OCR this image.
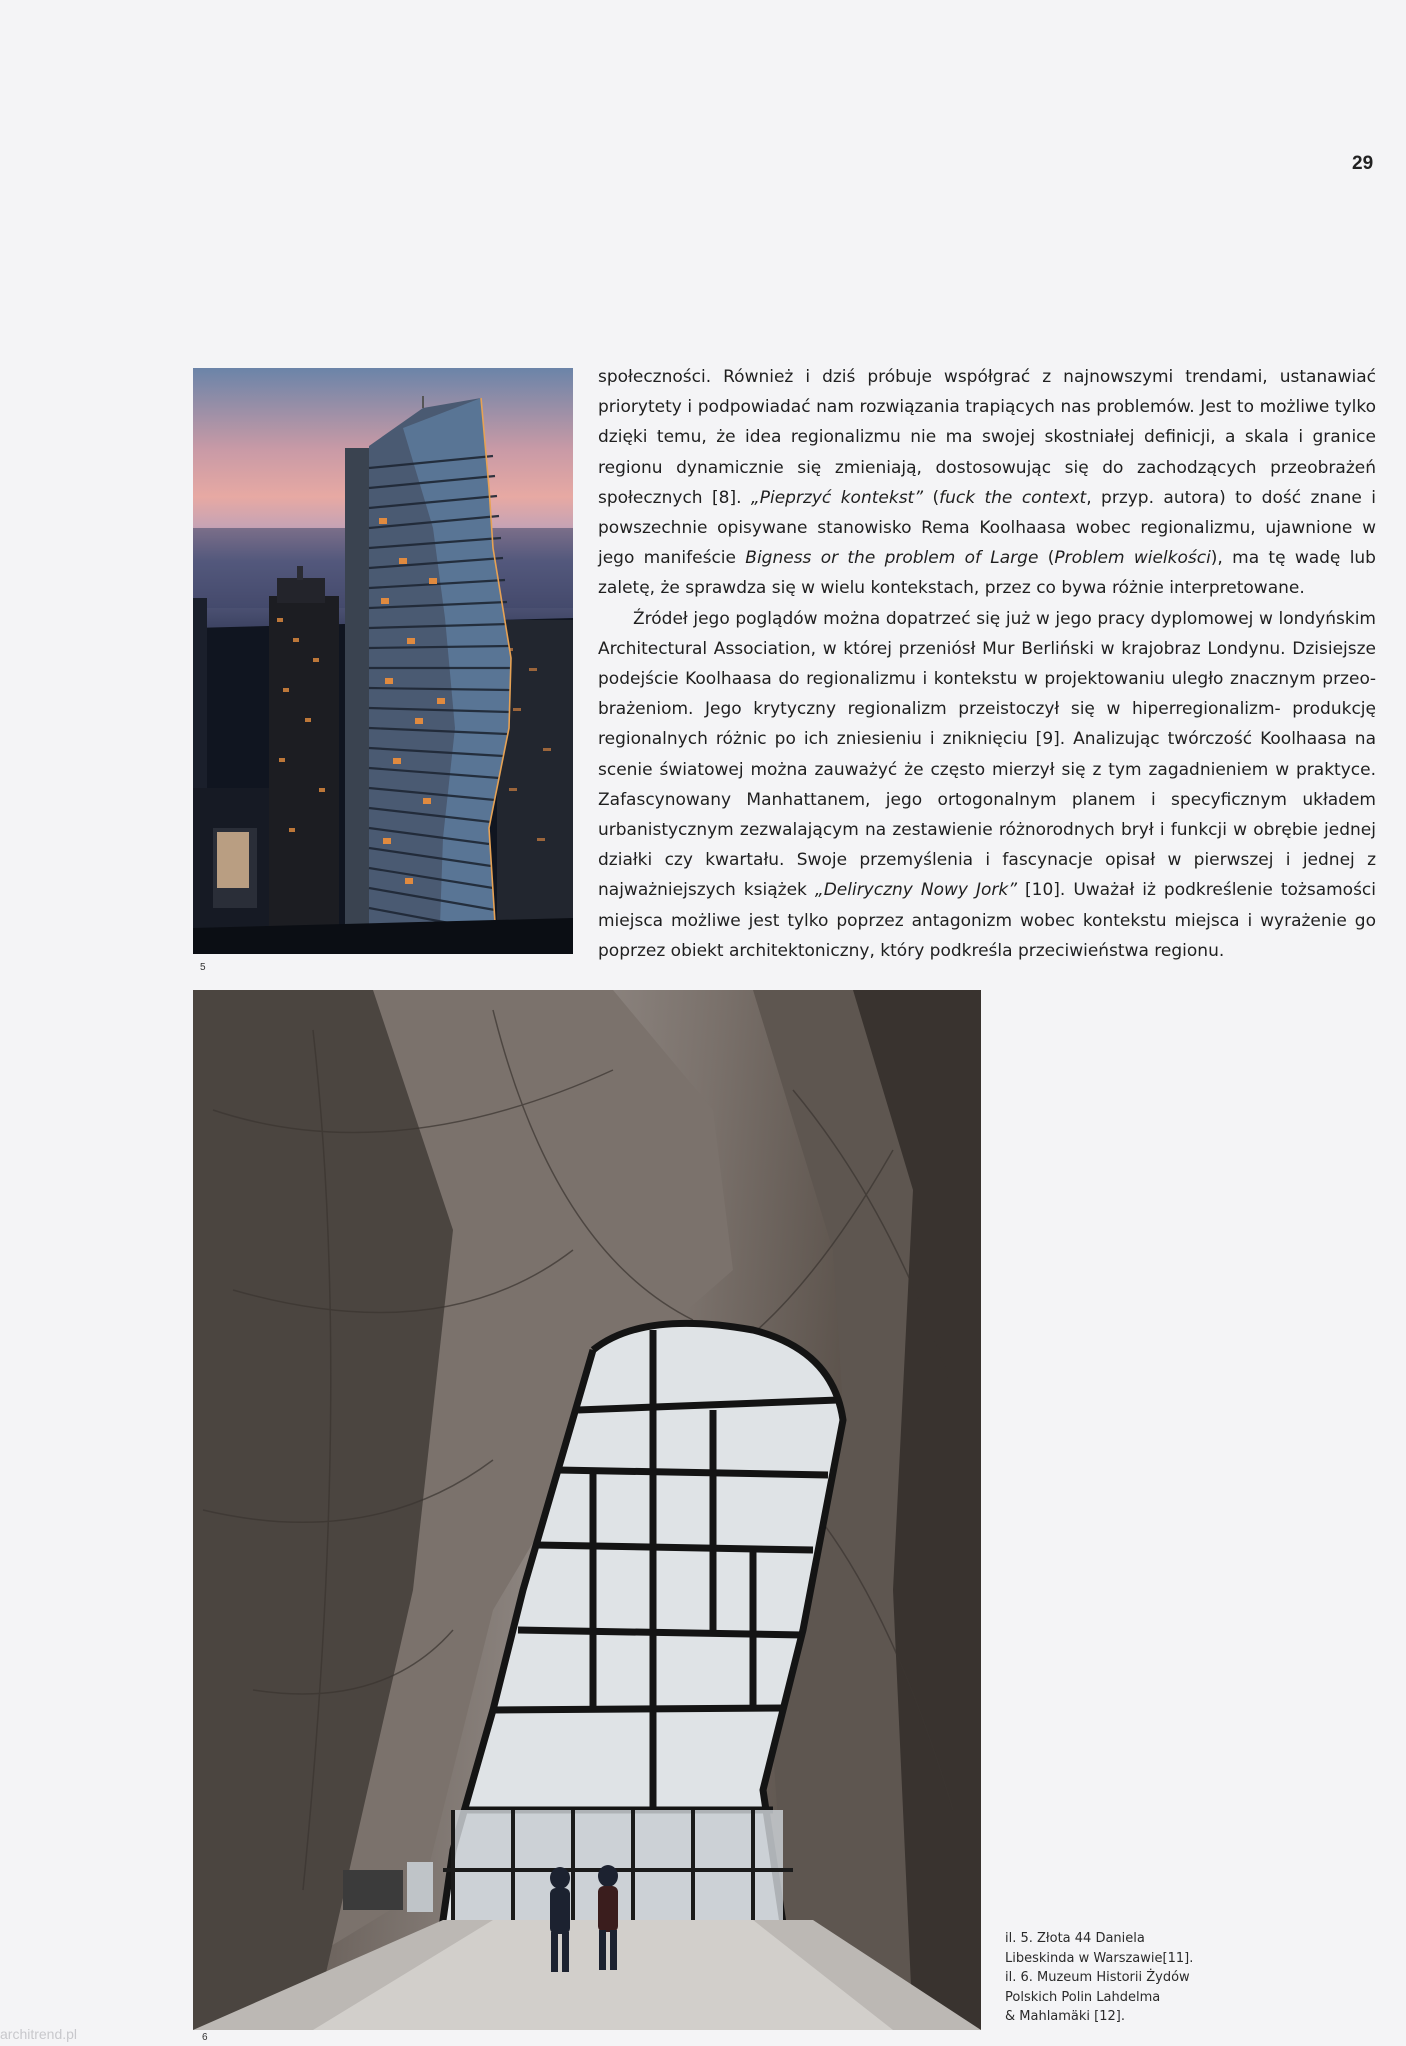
29
5

społeczności. Również i dziś próbuje współgrać z najnowszymi trendami, ustanawiać priorytety i podpowiadać nam rozwiązania trapiących nas problemów. Jest to możliwe tylko dzięki temu, że idea regionalizmu nie ma swojej skostniałej definicji, a skala i granice regionu dynamicznie się zmieniają, dostosowując się do zachodzących przeobrażeń społecznych [8]. „Pieprzyć kontekst” (fuck the context, przyp. autora) to dość znane i powszechnie opisywane stanowisko Rema Koolhaasa wobec regionalizmu, ujawnione w jego manifeście Bigness or the problem of Large (Problem wielkości), ma tę wadę lub zaletę, że sprawdza się w wielu kontekstach, przez co bywa różnie interpretowane.

Źródeł jego poglądów można dopatrzeć się już w jego pracy dyplomowej w londyńskim Architectural Association, w której przeniósł Mur Berliński w krajobraz Londynu. Dzisiejsze podejście Koolhaasa do regionalizmu i kontekstu w projektowaniu uległo znacznym przeobrażeniom. Jego krytyczny regionalizm przeistoczył się w hiperregionalizm- produkcję regionalnych różnic po ich zniesieniu i zniknięciu [9]. Analizując twórczość Koolhaasa na scenie światowej można zauważyć że często mierzył się z tym zagadnieniem w praktyce. Zafascynowany Manhattanem, jego ortogonalnym planem i specyficznym układem urbanistycznym zezwalającym na zestawienie różnorodnych brył i funkcji w obrębie jednej działki czy kwartału. Swoje przemyślenia i fascynacje opisał w pierwszej i jednej z najważniejszych książek „Deliryczny Nowy Jork” [10]. Uważał iż podkreślenie tożsamości miejsca możliwe jest tylko poprzez antagonizm wobec kontekstu miejsca i wyrażenie go poprzez obiekt architektoniczny, który podkreśla przeciwieństwa regionu.

6
il. 5. Złota 44 Daniela
Libeskinda w Warszawie[11].
il. 6. Muzeum Historii Żydów
Polskich Polin Lahdelma
& Mahlamäki [12].
architrend.pl
